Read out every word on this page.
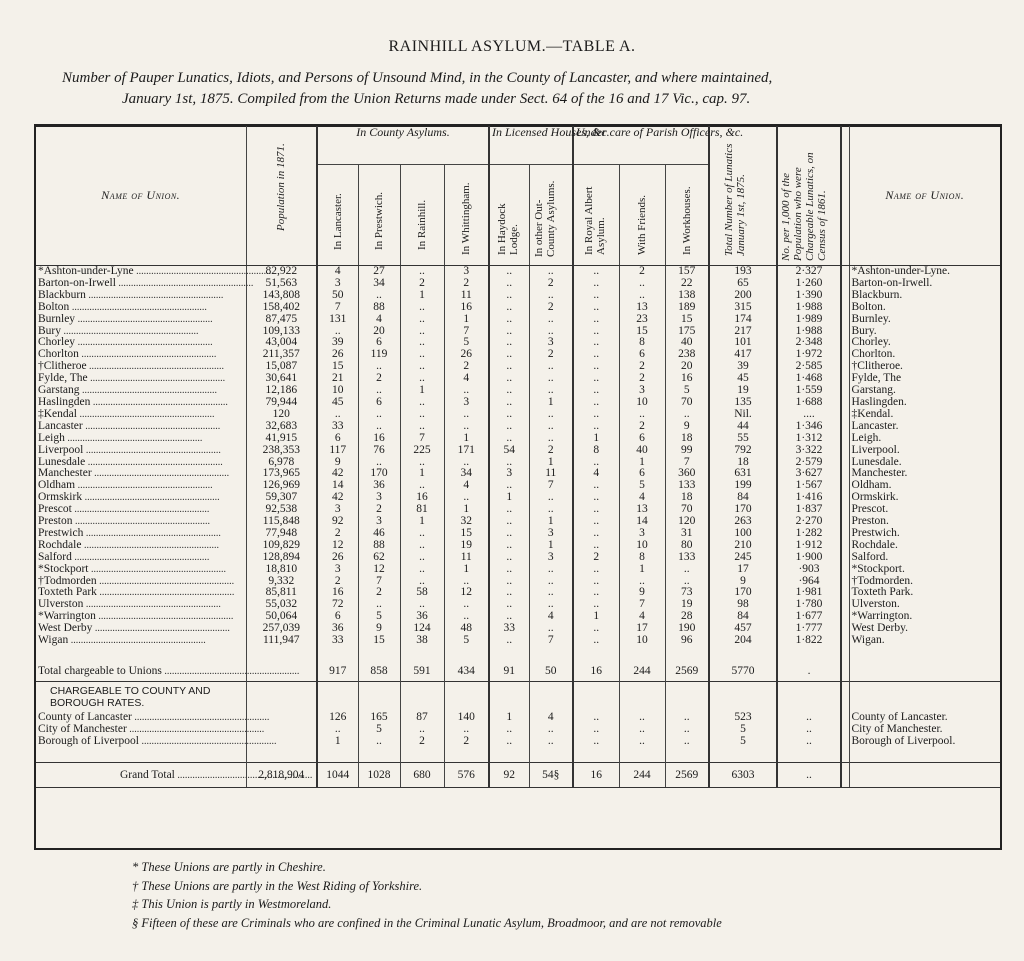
RAINHILL ASYLUM.—TABLE A.
Number of Pauper Lunatics, Idiots, and Persons of Unsound Mind, in the County of Lancaster, and where maintained,
January 1st, 1875. Compiled from the Union Returns made under Sect. 64 of the 16 and 17 Vic., cap. 97.
Name of Union.	Population in 1871.	In County Asylums.				In Licensed Houses, &c.		Under care of Parish Officers, &c.			Total Number of Lunatics January 1st, 1875.	No. per 1,000 of the Population who were Chargeable Lunatics, on Census of 1861.		Name of Union.

		In Lancaster.	In Prestwich.	In Rainhill.	In Whittingham.	In Haydock Lodge.	In other Out-County Asylums.	In Royal Albert Asylum.	With Friends.	In Workhouses.				

*Ashton-under-Lyne .....	82,922	4	27	..	3	..	..	..	2	157	193	2·327		*Ashton-under-Lyne.
Barton-on-Irwell .....	51,563	3	34	2	2	..	2	..	..	22	65	1·260		Barton-on-Irwell.
Blackburn .....	143,808	50	..	1	11	..	..	..	..	138	200	1·390		Blackburn.
Bolton .....	158,402	7	88	..	16	..	2	..	13	189	315	1·988		Bolton.
Burnley .....	87,475	131	4	..	1	..	..	..	23	15	174	1·989		Burnley.
Bury .....	109,133	..	20	..	7	..	..	..	15	175	217	1·988		Bury.
Chorley .....	43,004	39	6	..	5	..	3	..	8	40	101	2·348		Chorley.
Chorlton .....	211,357	26	119	..	26	..	2	..	6	238	417	1·972		Chorlton.
†Clitheroe .....	15,087	15	..	..	2	..	..	..	2	20	39	2·585		†Clitheroe.
Fylde, The .....	30,641	21	2	..	4	..	..	..	2	16	45	1·468		Fylde, The
Garstang .....	12,186	10	..	1	..	..	..	..	3	5	19	1·559		Garstang.
Haslingden .....	79,944	45	6	..	3	..	1	..	10	70	135	1·688		Haslingden.
‡Kendal .....	120	..	..	..	..	..	..	..	..	..	Nil.	....		‡Kendal.
Lancaster .....	32,683	33	..	..	..	..	..	..	2	9	44	1·346		Lancaster.
Leigh .....	41,915	6	16	7	1	..	..	1	6	18	55	1·312		Leigh.
Liverpool .....	238,353	117	76	225	171	54	2	8	40	99	792	3·322		Liverpool.
Lunesdale .....	6,978	9	..	..	..	..	1	..	1	7	18	2·579		Lunesdale.
Manchester .....	173,965	42	170	1	34	3	11	4	6	360	631	3·627		Manchester.
Oldham .....	126,969	14	36	..	4	..	7	..	5	133	199	1·567		Oldham.
Ormskirk .....	59,307	42	3	16	..	1	..	..	4	18	84	1·416		Ormskirk.
Prescot .....	92,538	3	2	81	1	..	..	..	13	70	170	1·837		Prescot.
Preston .....	115,848	92	3	1	32	..	1	..	14	120	263	2·270		Preston.
Prestwich .....	77,948	2	46	..	15	..	3	..	3	31	100	1·282		Prestwich.
Rochdale .....	109,829	12	88	..	19	..	1	..	10	80	210	1·912		Rochdale.
Salford .....	128,894	26	62	..	11	..	3	2	8	133	245	1·900		Salford.
*Stockport .....	18,810	3	12	..	1	..	..	..	1	..	17	·903		*Stockport.
†Todmorden .....	9,332	2	7	..	..	..	..	..	..	..	9	·964		†Todmorden.
Toxteth Park .....	85,811	16	2	58	12	..	..	..	9	73	170	1·981		Toxteth Park.
Ulverston .....	55,032	72	..	..	..	..	..	..	7	19	98	1·780		Ulverston.
*Warrington .....	50,064	6	5	36	..	..	4	1	4	28	84	1·677		*Warrington.
West Derby .....	257,039	36	9	124	48	33	..	..	17	190	457	1·777		West Derby.
Wigan .....	111,947	33	15	38	5	..	7	..	10	96	204	1·822		Wigan.

Total chargeable to Unions .....		917	858	591	434	91	50	16	244	2569	5770	.		
CHARGEABLE TO COUNTY AND BOROUGH RATES.														
County of Lancaster .....		126	165	87	140	1	4	..	..	..	523	..		County of Lancaster.
City of Manchester .....		..	5	..	..	..	..	..	..	..	5	..		City of Manchester.
Borough of Liverpool .....		1	..	2	2	..	..	..	..	..	5	..		Borough of Liverpool.

Grand Total .....	2,818,904	1044	1028	680	576	92	54§	16	244	2569	6303	..		
* These Unions are partly in Cheshire.
† These Unions are partly in the West Riding of Yorkshire.
‡ This Union is partly in Westmoreland.
§ Fifteen of these are Criminals who are confined in the Criminal Lunatic Asylum, Broadmoor, and are not removable
